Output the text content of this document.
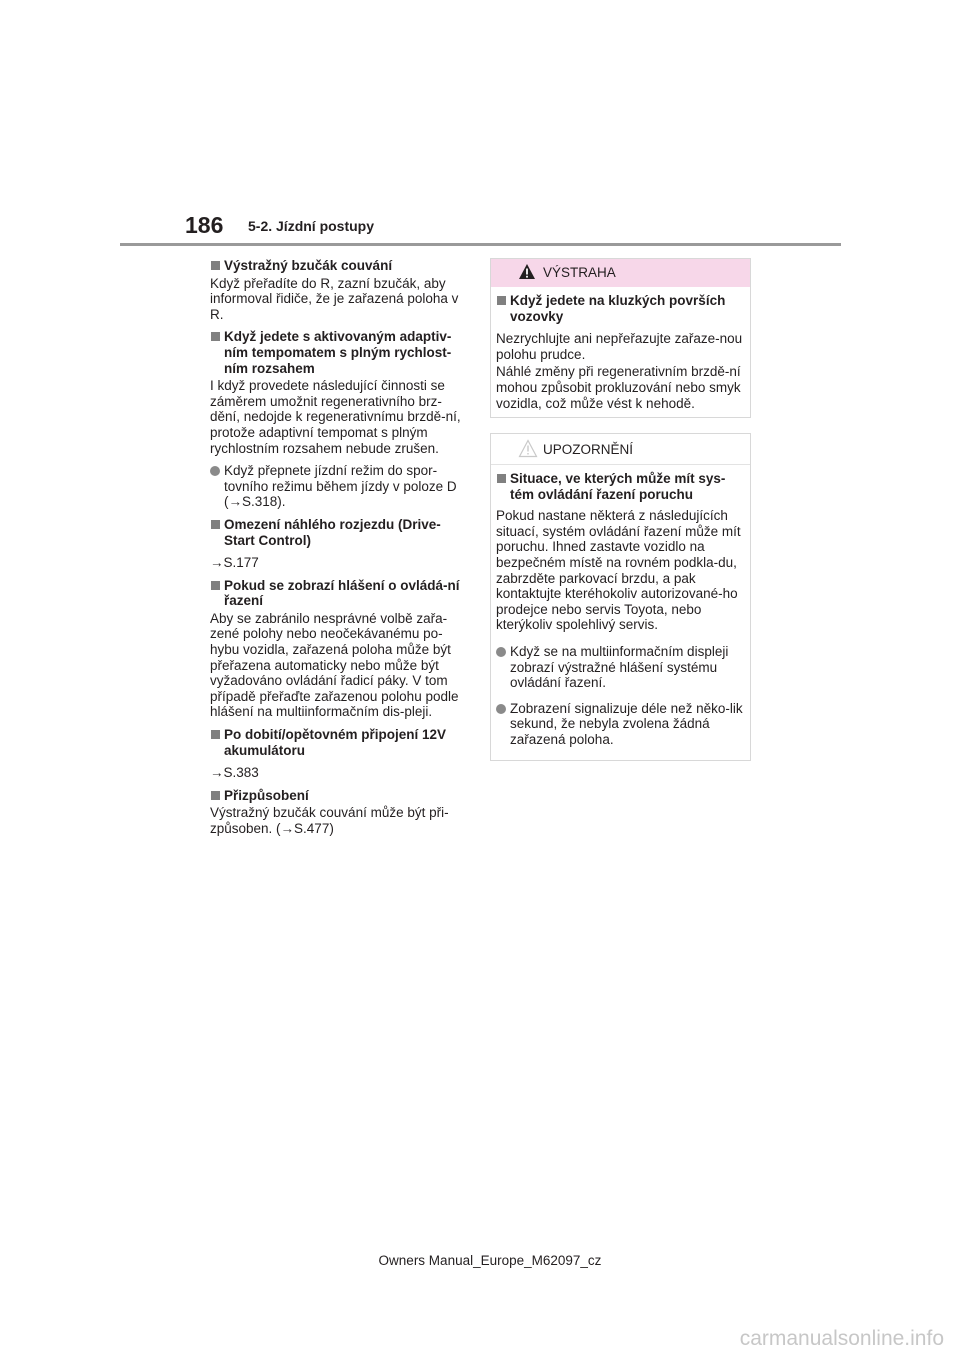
186 5-2. Jízdní postupy
Výstražný bzučák couvání
Když přeřadíte do R, zazní bzučák, aby informoval řidiče, že je zařazená poloha v R.
Když jedete s aktivovaným adaptiv-ním tempomatem s plným rychlost-ním rozsahem
I když provedete následující činnosti se záměrem umožnit regenerativního brz-dění, nedojde k regenerativnímu brzdě-ní, protože adaptivní tempomat s plným rychlostním rozsahem nebude zrušen.
Když přepnete jízdní režim do spor-tovního režimu během jízdy v poloze D (→S.318).
Omezení náhlého rozjezdu (Drive-Start Control)
→S.177
Pokud se zobrazí hlášení o ovládá-ní řazení
Aby se zabránilo nesprávné volbě zařa-zené polohy nebo neočekávanému po-hybu vozidla, zařazená poloha může být přeřazena automaticky nebo může být vyžadováno ovládání řadicí páky. V tom případě přeřaďte zařazenou polohu podle hlášení na multiinformačním dis-pleji.
Po dobití/opětovném připojení 12V akumulátoru
→S.383
Přizpůsobení
Výstražný bzučák couvání může být při-způsoben. (→S.477)
VÝSTRAHA
Když jedete na kluzkých površích vozovky
Nezrychlujte ani nepřeřazujte zařaze-nou polohu prudce.
Náhlé změny při regenerativním brzdě-ní mohou způsobit prokluzování nebo smyk vozidla, což může vést k nehodě.
UPOZORNĚNÍ
Situace, ve kterých může mít sys-tém ovládání řazení poruchu
Pokud nastane některá z následujících situací, systém ovládání řazení může mít poruchu. Ihned zastavte vozidlo na bezpečném místě na rovném podkla-du, zabrzděte parkovací brzdu, a pak kontaktujte kteréhokoliv autorizované-ho prodejce nebo servis Toyota, nebo kterýkoliv spolehlivý servis.
Když se na multiinformačním displeji zobrazí výstražné hlášení systému ovládání řazení.
Zobrazení signalizuje déle než něko-lik sekund, že nebyla zvolena žádná zařazená poloha.
Owners Manual_Europe_M62097_cz
carmanualsonline.info
